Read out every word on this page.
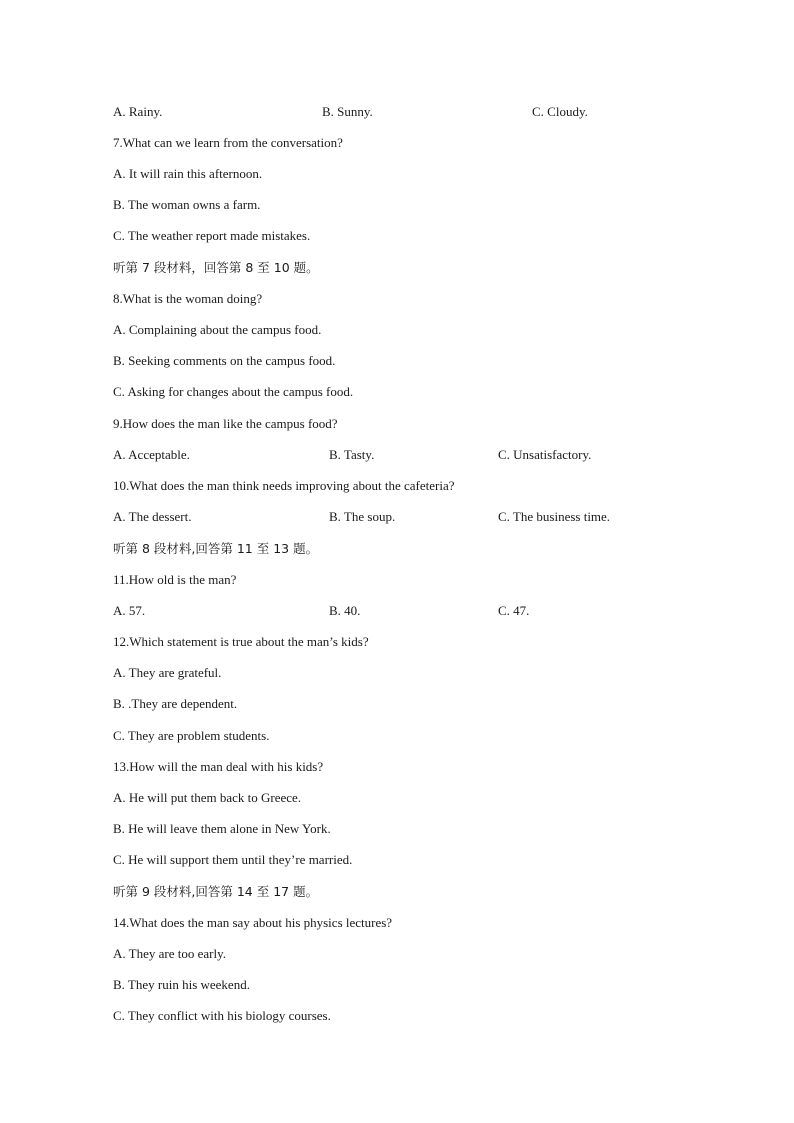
A. Rainy.	B. Sunny.	C. Cloudy.
7.What can we learn from the conversation?
A. It will rain this afternoon.
B. The woman owns a farm.
C. The weather report made mistakes.
听第 7 段材料，回答第 8 至 10 题。
8.What is the woman doing?
A. Complaining about the campus food.
B. Seeking comments on the campus food.
C. Asking for changes about the campus food.
9.How does the man like the campus food?
A. Acceptable.	B. Tasty.	C. Unsatisfactory.
10.What does the man think needs improving about the cafeteria?
A. The dessert.	B. The soup.	C. The business time.
听第 8 段材料,回答第 11 至 13 题。
11.How old is the man?
A. 57.	B. 40.	C. 47.
12.Which statement is true about the man’s kids?
A. They are grateful.
B. .They are dependent.
C. They are problem students.
13.How will the man deal with his kids?
A. He will put them back to Greece.
B. He will leave them alone in New York.
C. He will support them until they’re married.
听第 9 段材料,回答第 14 至 17 题。
14.What does the man say about his physics lectures?
A. They are too early.
B. They ruin his weekend.
C. They conflict with his biology courses.
